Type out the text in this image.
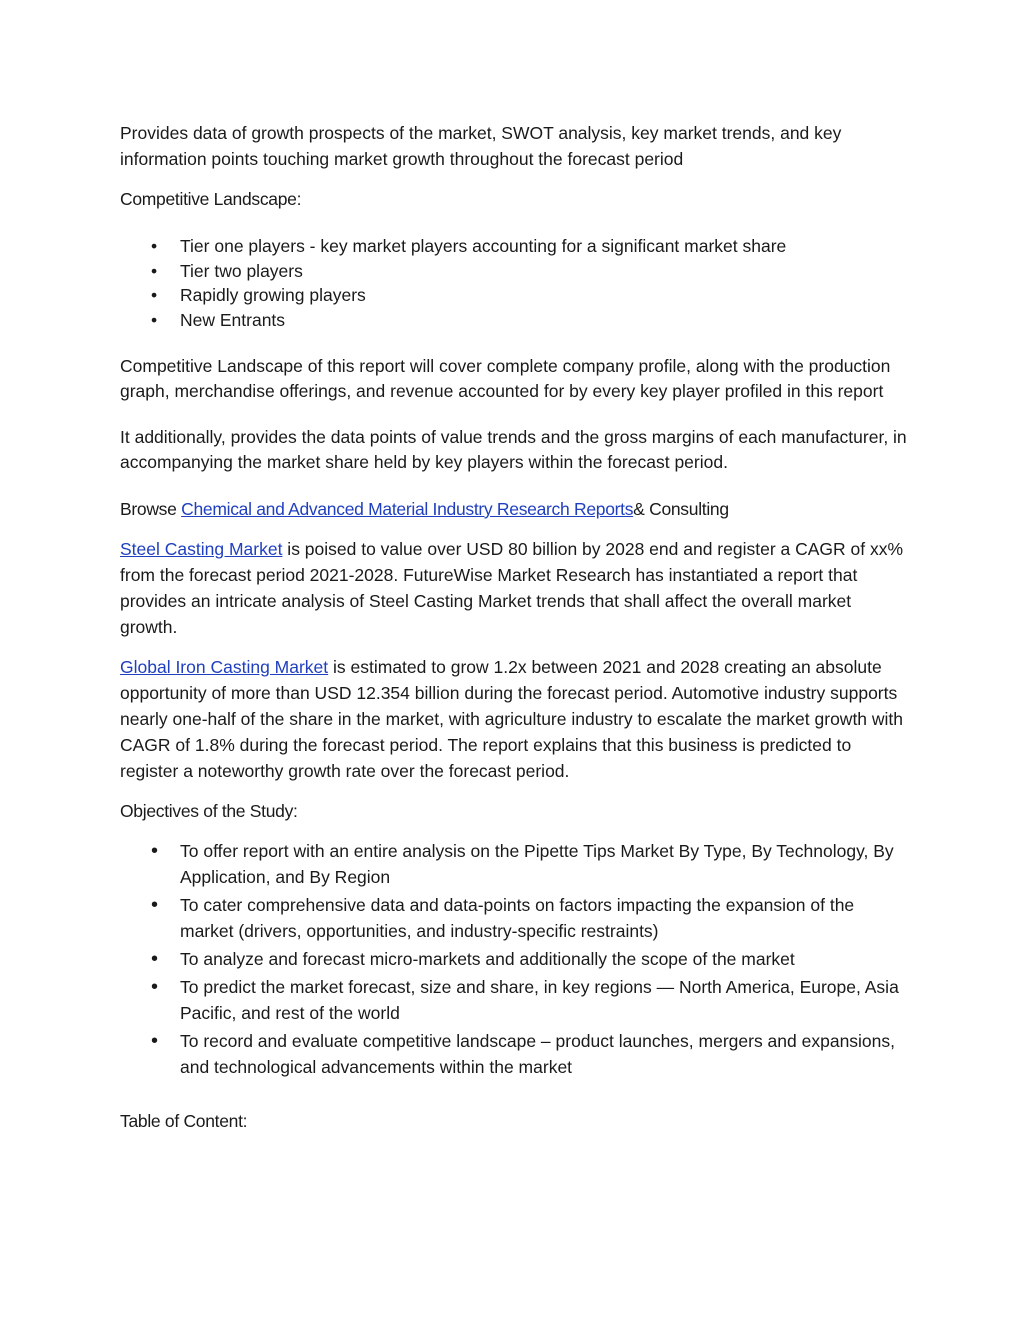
Provides data of growth prospects of the market, SWOT analysis, key market trends, and key information points touching market growth throughout the forecast period

Competitive Landscape:

• Tier one players - key market players accounting for a significant market share
• Tier two players
• Rapidly growing players
• New Entrants

Competitive Landscape of this report will cover complete company profile, along with the production graph, merchandise offerings, and revenue accounted for by every key player profiled in this report

It additionally, provides the data points of value trends and the gross margins of each manufacturer, in accompanying the market share held by key players within the forecast period.

Browse Chemical and Advanced Material Industry Research Reports& Consulting

Steel Casting Market is poised to value over USD 80 billion by 2028 end and register a CAGR of xx% from the forecast period 2021-2028. FutureWise Market Research has instantiated a report that provides an intricate analysis of Steel Casting Market trends that shall affect the overall market growth.

Global Iron Casting Market is estimated to grow 1.2x between 2021 and 2028 creating an absolute opportunity of more than USD 12.354 billion during the forecast period. Automotive industry supports nearly one-half of the share in the market, with agriculture industry to escalate the market growth with CAGR of 1.8% during the forecast period. The report explains that this business is predicted to register a noteworthy growth rate over the forecast period.

Objectives of the Study:

• To offer report with an entire analysis on the Pipette Tips Market By Type, By Technology, By Application, and By Region
• To cater comprehensive data and data-points on factors impacting the expansion of the market (drivers, opportunities, and industry-specific restraints)
• To analyze and forecast micro-markets and additionally the scope of the market
• To predict the market forecast, size and share, in key regions — North America, Europe, Asia Pacific, and rest of the world
• To record and evaluate competitive landscape – product launches, mergers and expansions, and technological advancements within the market

Table of Content:
